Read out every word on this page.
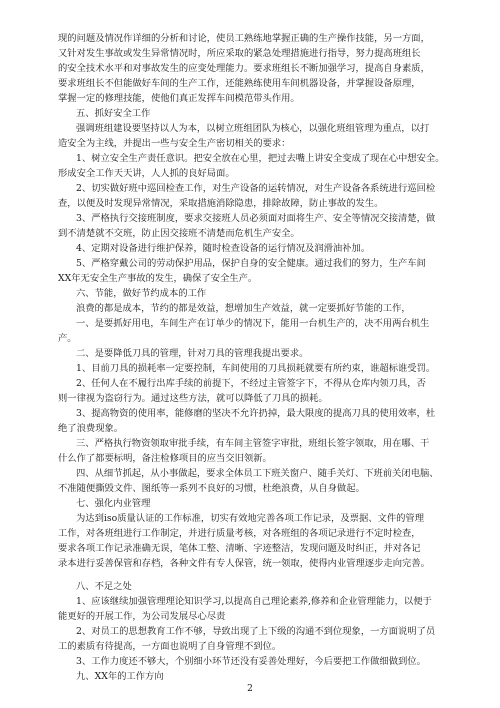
现的问题及情况作详细的分析和讨论，使员工熟练地掌握正确的生产操作技能，另一方面，
又针对发生事故或发生异常情况时，所应采取的紧急处理措施进行指导，努力提高班组长
的安全技术水平和对事故发生的应变处理能力。要求班组长不断加强学习，提高自身素质，
要求班组长不但能做好车间的生产工作，还能熟练使用车间机器设备，并掌握设备原理，
掌握一定的修理技能，使他们真正发挥车间模范带头作用。
五、抓好安全工作
强调班组建设要坚持以人为本，以树立班组团队为核心，以强化班组管理为重点，以打
造安全为主线，并提出一些与安全生产密切相关的要求：
1、树立安全生产责任意识。把安全放在心里，把过去嘴上讲安全变成了现在心中想安全。
形成安全工作天天讲，人人抓的良好局面。
2、切实做好班中巡回检查工作，对生产设备的运转情况，对生产设备各系统进行巡回检
查，以便及时发现异常情况，采取措施消除隐患，排除故障，防止事故的发生。
3、严格执行交接班制度，要求交接班人员必须面对面将生产、安全等情况交接清楚，做
到不清楚就不交班，防止因交接班不清楚而危机生产安全。
4、定期对设备进行维护保养，随时检查设备的运行情况及润滑油补加。
5、严格穿戴公司的劳动保护用品，保护自身的安全健康。通过我们的努力，生产车间
XX年无安全生产事故的发生，确保了安全生产。
六、节能，做好节约成本的工作
浪费的都是成本，节约的都是效益，想增加生产效益，就一定要抓好节能的工作，
一、是要抓好用电，车间生产在订单少的情况下，能用一台机生产的，决不用两台机生
产。
二、是要降低刀具的管理，针对刀具的管理我提出要求。
1、目前刀具的损耗率一定要控制，车间使用的刀具损耗就要有所约束，谁超标谁受罚。
2、任何人在不履行出库手续的前提下，不经过主管签字下，不得从仓库内领刀具，否
则一律视为盗窃行为。通过这些方法，就可以降低了刀具的损耗。
3、提高物资的使用率，能修磨的坚决不允许扔掉，最大限度的提高刀具的使用效率，杜
绝了浪费现象。
三、严格执行物资领取审批手续，有车间主管签字审批，班组长签字领取，用在哪、干
什么作了都要标明，备注检修项目的应当交旧领新。
四、从细节抓起，从小事做起，要求全体员工下班关窗户、随手关灯、下班前关闭电脑、
不准随便撕毁文件、图纸等一系列不良好的习惯，杜绝浪费，从自身做起。
七、强化内业管理
为达到iso质量认证的工作标准，切实有效地完善各项工作记录，及票据、文件的管理
工作，对各班组进行工作制定，并进行质量考核，对各班组的各项记录进行不定时检查，
要求各项工作记录准确无误，笔体工整、清晰、字迹整洁，发现问题及时纠正，并对各记
录本进行妥善保管和存档，各种文件有专人保管，统一领取，使得内业管理逐步走向完善。
八、不足之处
1、应该继续加强管理理论知识学习,以提高自己理论素养,修养和企业管理能力，以便于
能更好的开展工作，为公司发展尽心尽责
2、对员工的思想教育工作不够，导致出现了上下级的沟通不到位现象，一方面说明了员
工的素质有待提高，一方面也说明了自身管理不到位。
3、工作力度还不够大，个别细小环节还没有妥善处理好，今后要把工作做细做到位。
九、XX年的工作方向
2
